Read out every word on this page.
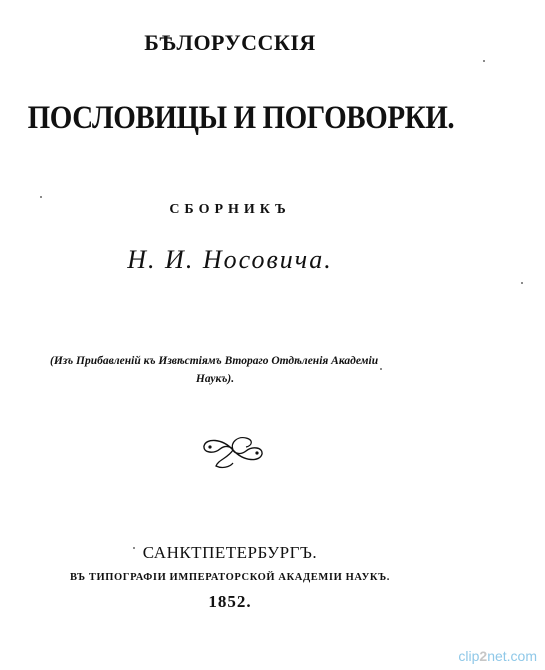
БѢЛОРУССКІЯ
ПОСЛОВИЦЫ И ПОГОВОРКИ.
СБОРНИКЪ
Н. И. Носовича.
(Изъ Прибавленій къ Извѣстіямъ Втораго Отдѣленія Академіи
Наукъ).
САНКТПЕТЕРБУРГЪ.
ВЪ ТИПОГРАФІИ ИМПЕРАТОРСКОЙ АКАДЕМІИ НАУКЪ.
1852.
clip2net.com
